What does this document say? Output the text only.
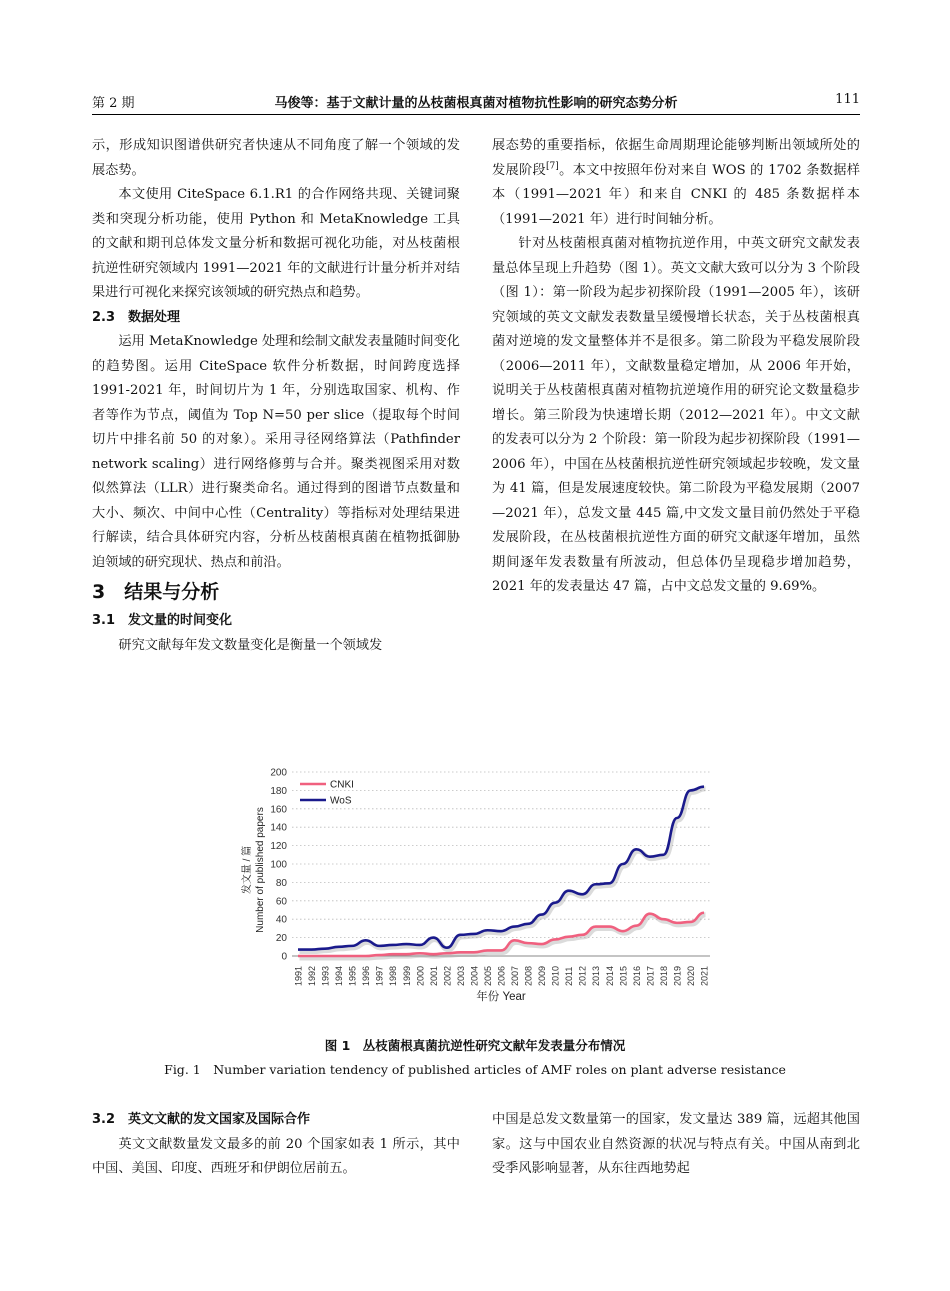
第 2 期	马俊等：基于文献计量的丛枝菌根真菌对植物抗性影响的研究态势分析	111

示，形成知识图谱供研究者快速从不同角度了解一个领域的发展态势。

本文使用 CiteSpace 6.1.R1 的合作网络共现、关键词聚类和突现分析功能，使用 Python 和 MetaKnowledge 工具的文献和期刊总体发文量分析和数据可视化功能，对丛枝菌根抗逆性研究领域内 1991—2021 年的文献进行计量分析并对结果进行可视化来探究该领域的研究热点和趋势。

2.3　数据处理

运用 MetaKnowledge 处理和绘制文献发表量随时间变化的趋势图。运用 CiteSpace 软件分析数据，时间跨度选择 1991-2021 年，时间切片为 1 年，分别选取国家、机构、作者等作为节点，阈值为 Top N=50 per slice（提取每个时间切片中排名前 50 的对象）。采用寻径网络算法（Pathfinder network scaling）进行网络修剪与合并。聚类视图采用对数似然算法（LLR）进行聚类命名。通过得到的图谱节点数量和大小、频次、中间中心性（Centrality）等指标对处理结果进行解读，结合具体研究内容，分析丛枝菌根真菌在植物抵御胁迫领域的研究现状、热点和前沿。

3　结果与分析

3.1　发文量的时间变化

研究文献每年发文数量变化是衡量一个领域发

展态势的重要指标，依据生命周期理论能够判断出领域所处的发展阶段[7]。本文中按照年份对来自 WOS 的 1702 条数据样本（1991—2021 年）和来自 CNKI 的 485 条数据样本（1991—2021 年）进行时间轴分析。

针对丛枝菌根真菌对植物抗逆作用，中英文研究文献发表量总体呈现上升趋势（图 1）。英文文献大致可以分为 3 个阶段（图 1）：第一阶段为起步初探阶段（1991—2005 年），该研究领域的英文文献发表数量呈缓慢增长状态，关于丛枝菌根真菌对逆境的发文量整体并不是很多。第二阶段为平稳发展阶段（2006—2011 年），文献数量稳定增加，从 2006 年开始，说明关于丛枝菌根真菌对植物抗逆境作用的研究论文数量稳步增长。第三阶段为快速增长期（2012—2021 年）。中文文献的发表可以分为 2 个阶段：第一阶段为起步初探阶段（1991—2006 年），中国在丛枝菌根抗逆性研究领域起步较晚，发文量为 41 篇，但是发展速度较快。第二阶段为平稳发展期（2007—2021 年），总发文量 445 篇,中文发文量目前仍然处于平稳发展阶段，在丛枝菌根抗逆性方面的研究文献逐年增加，虽然期间逐年发表数量有所波动，但总体仍呈现稳步增加趋势，2021 年的发表量达 47 篇，占中文总发文量的 9.69%。

0
20
40
60
80
100
120
140
160
180
200
1991 1992 1993 1994 1995 1996 1997 1998 1999 2000 2001 2002 2003 2004 2005 2006 2007 2008 2009 2010 2011 2012 2013 2014 2015 2016 2017 2018 2019 2020 2021
年份 Year
发文量 / 篇 Number of published papers
CNKI
WoS
图 1　丛枝菌根真菌抗逆性研究文献年发表量分布情况
Fig. 1　Number variation tendency of published articles of AMF roles on plant adverse resistance

3.2　英文文献的发文国家及国际合作

英文文献数量发文最多的前 20 个国家如表 1 所示，其中中国、美国、印度、西班牙和伊朗位居前五。

中国是总发文数量第一的国家，发文量达 389 篇，远超其他国家。这与中国农业自然资源的状况与特点有关。中国从南到北受季风影响显著，从东往西地势起
